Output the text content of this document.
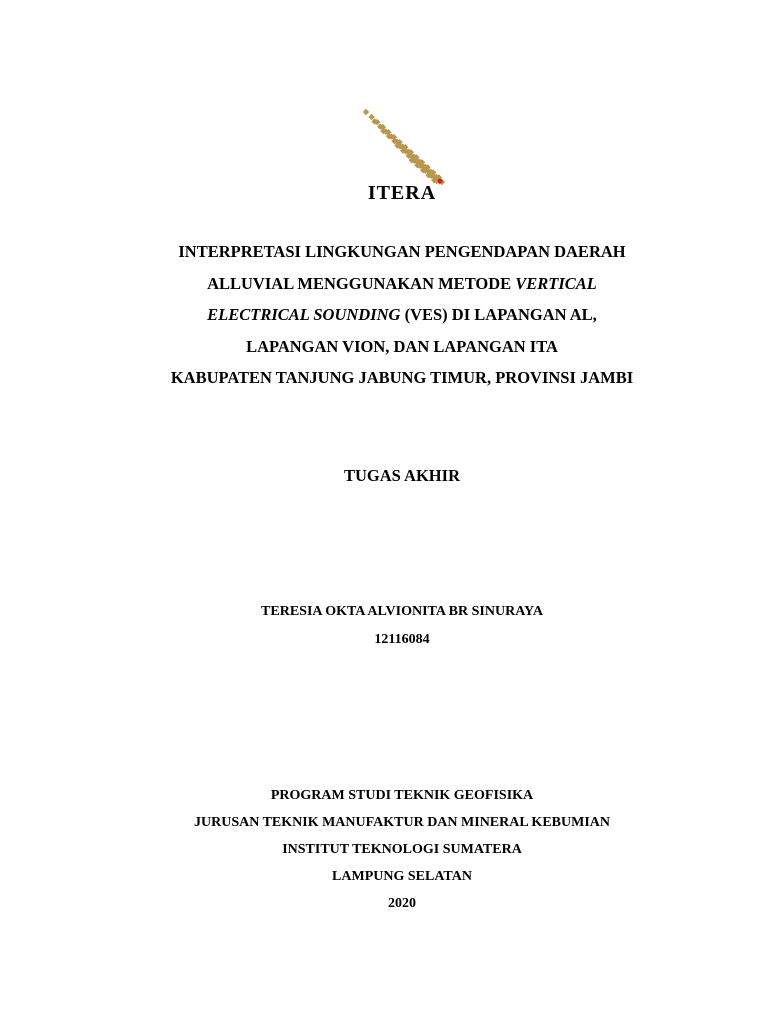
ITERA
INTERPRETASI LINGKUNGAN PENGENDAPAN DAERAH
ALLUVIAL MENGGUNAKAN METODE VERTICAL
ELECTRICAL SOUNDING (VES) DI LAPANGAN AL,
LAPANGAN VION, DAN LAPANGAN ITA
KABUPATEN TANJUNG JABUNG TIMUR, PROVINSI JAMBI
TUGAS AKHIR
TERESIA OKTA ALVIONITA BR SINURAYA
12116084
PROGRAM STUDI TEKNIK GEOFISIKA
JURUSAN TEKNIK MANUFAKTUR DAN MINERAL KEBUMIAN
INSTITUT TEKNOLOGI SUMATERA
LAMPUNG SELATAN
2020
